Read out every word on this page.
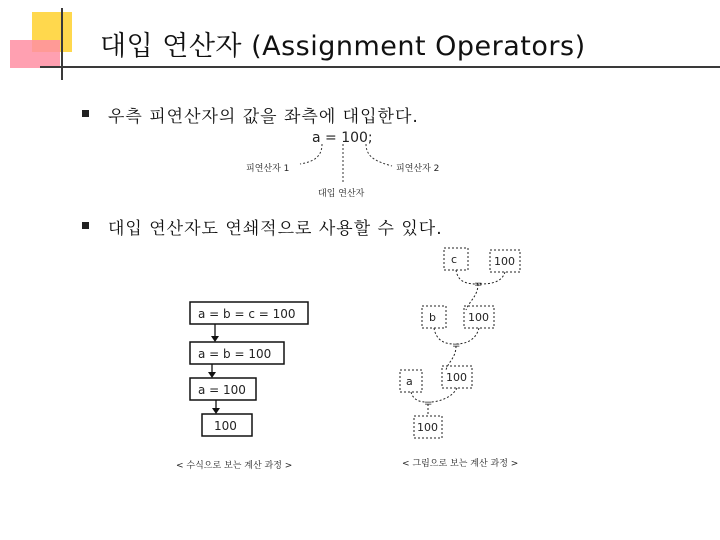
대입 연산자 (Assignment Operators)
우측 피연산자의 값을 좌측에 대입한다.
대입 연산자도 연쇄적으로 사용할 수 있다.
a = 100;
피연산자 1	피연산자 2
대입 연산자
a = b = c = 100
a = b = 100
a = 100
100
< 수식으로 보는 계산 과정 >
c	100
=
b	100
=
a	100
=
100
< 그림으로 보는 계산 과정 >
